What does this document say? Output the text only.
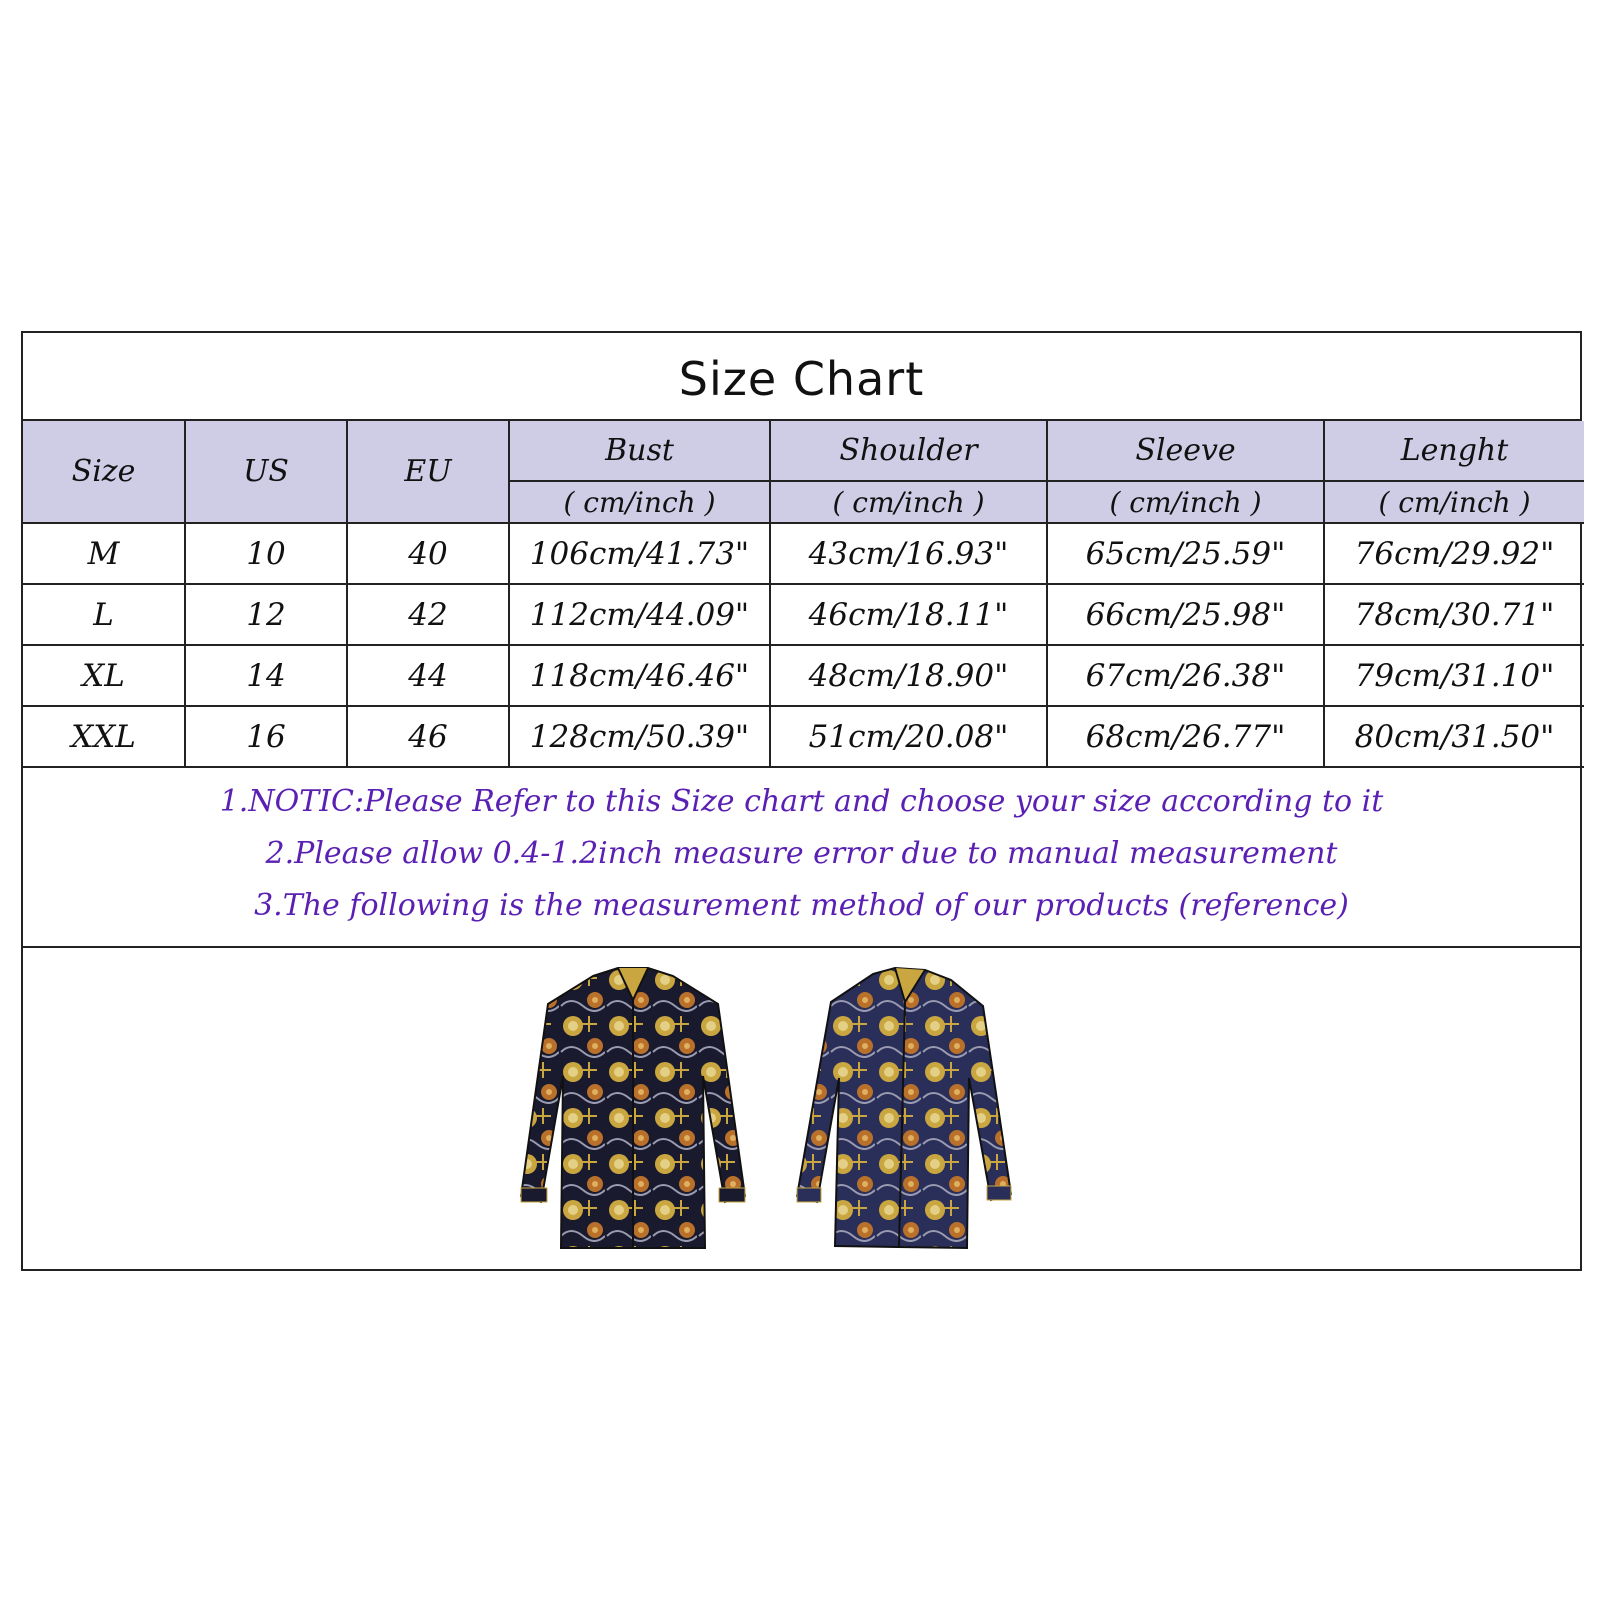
Size Chart
Size	US	EU	Bust	Shoulder	Sleeve	Lenght
			( cm/inch )	( cm/inch )	( cm/inch )	( cm/inch )
M	10	40	106cm/41.73"	43cm/16.93"	65cm/25.59"	76cm/29.92"
L	12	42	112cm/44.09"	46cm/18.11"	66cm/25.98"	78cm/30.71"
XL	14	44	118cm/46.46"	48cm/18.90"	67cm/26.38"	79cm/31.10"
XXL	16	46	128cm/50.39"	51cm/20.08"	68cm/26.77"	80cm/31.50"
1.NOTIC:Please Refer to this Size chart and choose your size according to it
2.Please allow 0.4-1.2inch measure error due to manual measurement
3.The following is the measurement method of our products (reference)
